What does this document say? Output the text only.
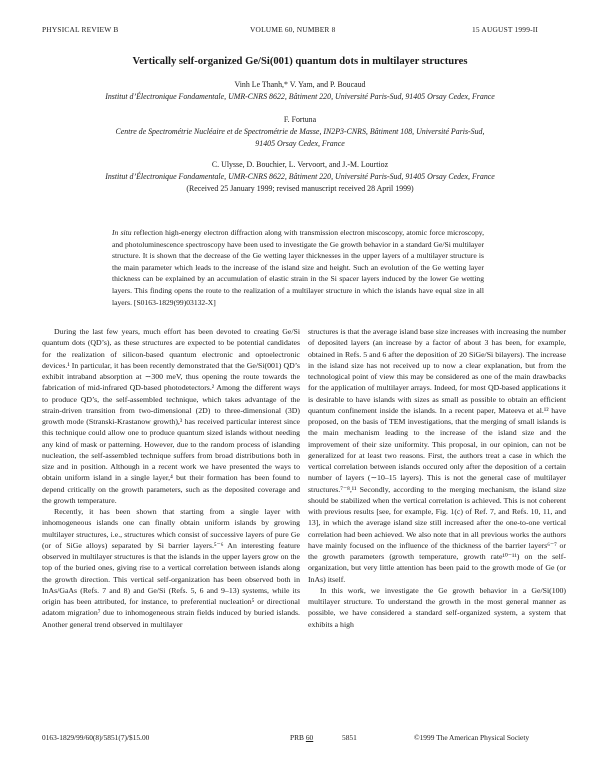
PHYSICAL REVIEW B	VOLUME 60, NUMBER 8	15 AUGUST 1999-II
Vertically self-organized Ge/Si(001) quantum dots in multilayer structures
Vinh Le Thanh,* V. Yam, and P. Boucaud
Institut d’Électronique Fondamentale, UMR-CNRS 8622, Bâtiment 220, Université Paris-Sud, 91405 Orsay Cedex, France
F. Fortuna
Centre de Spectrométrie Nucléaire et de Spectrométrie de Masse, IN2P3-CNRS, Bâtiment 108, Université Paris-Sud,
91405 Orsay Cedex, France
C. Ulysse, D. Bouchier, L. Vervoort, and J.-M. Lourtioz
Institut d’Électronique Fondamentale, UMR-CNRS 8622, Bâtiment 220, Université Paris-Sud, 91405 Orsay Cedex, France
(Received 25 January 1999; revised manuscript received 28 April 1999)
In situ reflection high-energy electron diffraction along with transmission electron miscoscopy, atomic force microscopy, and photoluminescence spectroscopy have been used to investigate the Ge growth behavior in a standard Ge/Si multilayer structure. It is shown that the decrease of the Ge wetting layer thicknesses in the upper layers of a multilayer structure is the main parameter which leads to the increase of the island size and height. Such an evolution of the Ge wetting layer thickness can be explained by an accumulation of elastic strain in the Si spacer layers induced by the lower Ge wetting layers. This finding opens the route to the realization of a multilayer structure in which the islands have equal size in all layers. [S0163-1829(99)03132-X]

During the last few years, much effort has been devoted to creating Ge/Si quantum dots (QD’s), as these structures are expected to be potential candidates for the realization of silicon-based quantum electronic and optoelectronic devices.¹ In particular, it has been recently demonstrated that the Ge/Si(001) QD’s exhibit intraband absorption at ∼300 meV, thus opening the route towards the fabrication of mid-infrared QD-based photodetectors.² Among the different ways to produce QD’s, the self-assembled technique, which takes advantage of the strain-driven transition from two-dimensional (2D) to three-dimensional (3D) growth mode (Stranski-Krastanow growth),³ has received particular interest since this technique could allow one to produce quantum sized islands without needing any kind of mask or patterning. However, due to the random process of islanding nucleation, the self-assembled technique suffers from broad distributions both in size and in position. Although in a recent work we have presented the ways to obtain uniform island in a single layer,⁴ but their formation has been found to depend critically on the growth parameters, such as the deposited coverage and the growth temperature.

Recently, it has been shown that starting from a single layer with inhomogeneous islands one can finally obtain uniform islands by growing multilayer structures, i.e., structures which consist of successive layers of pure Ge (or of SiGe alloys) separated by Si barrier layers.⁵⁻⁶ An interesting feature observed in multilayer structures is that the islands in the upper layers grow on the top of the buried ones, giving rise to a vertical correlation between islands along the growth direction. This vertical self-organization has been observed both in InAs/GaAs (Refs. 7 and 8) and Ge/Si (Refs. 5, 6 and 9–13) systems, while its origin has been attributed, for instance, to preferential nucleation⁵ or directional adatom migration⁷ due to inhomogeneous strain fields induced by buried islands. Another general trend observed in multilayer

structures is that the average island base size increases with increasing the number of deposited layers (an increase by a factor of about 3 has been, for example, obtained in Refs. 5 and 6 after the deposition of 20 SiGe/Si bilayers). The increase in the island size has not received up to now a clear explanation, but from the technological point of view this may be considered as one of the main drawbacks for the application of multilayer arrays. Indeed, for most QD-based applications it is desirable to have islands with sizes as small as possible to obtain an efficient quantum confinement inside the islands. In a recent paper, Mateeva et al.¹² have proposed, on the basis of TEM investigations, that the merging of small islands is the main mechanism leading to the increase of the island size and the improvement of their size uniformity. This proposal, in our opinion, can not be generalized for at least two reasons. First, the authors treat a case in which the vertical correlation between islands occured only after the deposition of a certain number of layers (∼10–15 layers). This is not the general case of multilayer structures.⁷⁻⁸,¹¹ Secondly, according to the merging mechanism, the island size should be stabilized when the vertical correlation is achieved. This is not coherent with previous results [see, for example, Fig. 1(c) of Ref. 7, and Refs. 10, 11, and 13], in which the average island size still increased after the one-to-one vertical correlation had been achieved. We also note that in all previous works the authors have mainly focused on the influence of the thickness of the barrier layers⁶⁻⁷ or the growth parameters (growth temperature, growth rate¹⁰⁻¹¹) on the self-organization, but very little attention has been paid to the growth mode of Ge (or InAs) itself.

In this work, we investigate the Ge growth behavior in a Ge/Si(100) multilayer structure. To understand the growth in the most general manner as possible, we have considered a standard self-organized system, a system that exhibits a high

0163-1829/99/60(8)/5851(7)/$15.00	PRB 60	5851	©1999 The American Physical Society
